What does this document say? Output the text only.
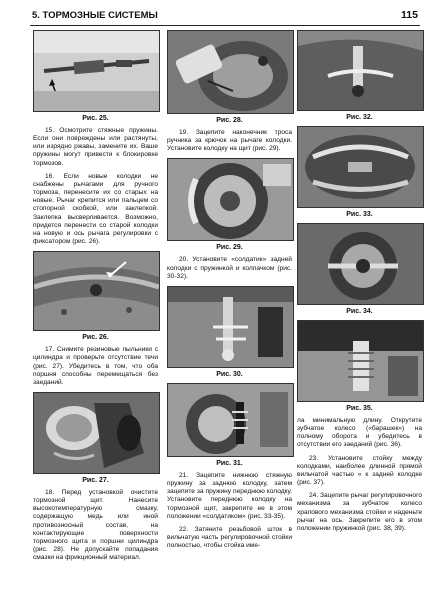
5. ТОРМОЗНЫЕ СИСТЕМЫ	115
Рис. 25.

15. Осмотрите стяжные пружины. Если они повреждены или растянуты, или изрядно ржавы, замените их. Ваше пружины могут привести к блокировке тормозов.

16. Если новые колодки не снабжены рычагами для ручного тормоза, перенесите их со старых на новые. Рычаг крепится или пальцем со стопорной скобкой, или заклепкой. Заклепка высверливается. Возможно, придется перенести со старой колодки на новую и ось рычага регулировки с фиксатором (рис. 26).

Рис. 26.

17. Снимите резиновые пыльники с цилиндра и проверьте отсутствие течи (рис. 27). Убедитесь в том, что оба поршня способны перемещаться без заеданий.

Рис. 27.

18. Перед установкой очистите тормозной щит. Нанесите высокотемпературную смазку, содержащую медь или иной противозносный состав, на контактирующие поверхности тормозного щита и поршни цилиндра (рис. 28). Не допускайте попадания смазки на фрикционный материал.

Рис. 28.

19. Зацепите наконечник троса ручника за крючок на рычаге колодки. Установите колодку на щит (рис. 29).

Рис. 29.

20. Установите «солдатик» задней колодки с пружинкой и колпачком (рис. 30-32).

Рис. 30.
Рис. 31.

21. Зацепите нижнюю стяжную пружину за заднюю колодку, затем зацепите за пружину переднюю колодку. Установите переднюю колодку на тормозной щит, закрепите ее в этом положении «солдатиком» (рис. 33-35).

22. Затяните резьбовой шток в вильчатую часть регулировочной стойки полностью, чтобы стойка име-

Рис. 32.
Рис. 33.
Рис. 34.
Рис. 35.

ла минимальную длину. Открутите зубчатое колесо («барашек») на полному оборота и убедитесь в отсутствии его заеданий (рис. 36).

23. Установите стойку между колодками, наиболее длинной прямой вильчатой частью « к задней колодке (рис. 37).

24. Зацепите рычаг регулировочного механизма за зубчатое колесо храпового механизма стойки и наденьте рычаг на ось. Закрепите его в этом положении пружинкой (рис. 38, 39).
